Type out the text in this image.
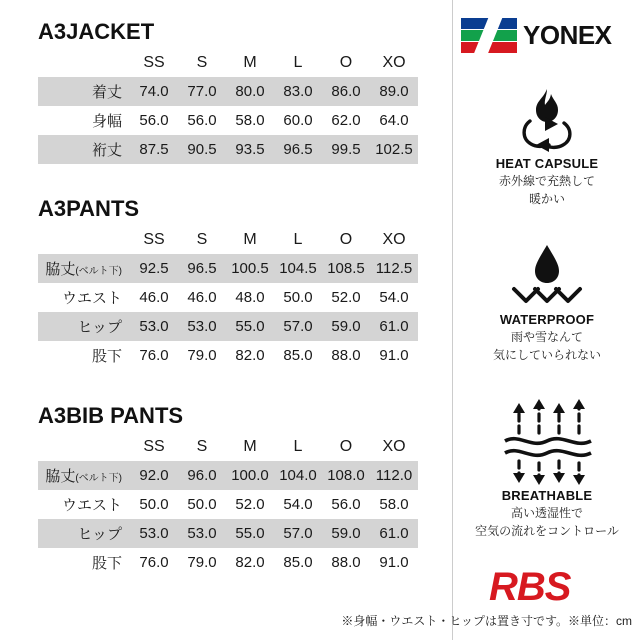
A3JACKET
	SS	S	M	L	O	XO
着丈	74.0	77.0	80.0	83.0	86.0	89.0
身幅	56.0	56.0	58.0	60.0	62.0	64.0
裄丈	87.5	90.5	93.5	96.5	99.5	102.5
A3PANTS
	SS	S	M	L	O	XO
脇丈(ベルト下)	92.5	96.5	100.5	104.5	108.5	112.5
ウエスト	46.0	46.0	48.0	50.0	52.0	54.0
ヒップ	53.0	53.0	55.0	57.0	59.0	61.0
股下	76.0	79.0	82.0	85.0	88.0	91.0
A3BIB PANTS
	SS	S	M	L	O	XO
脇丈(ベルト下)	92.0	96.0	100.0	104.0	108.0	112.0
ウエスト	50.0	50.0	52.0	54.0	56.0	58.0
ヒップ	53.0	53.0	55.0	57.0	59.0	61.0
股下	76.0	79.0	82.0	85.0	88.0	91.0
YONEX
HEAT CAPSULE
赤外線で充熱して
暖かい
WATERPROOF
雨や雪なんて
気にしていられない
BREATHABLE
高い透湿性で
空気の流れをコントロール
RBS
※身幅・ウエスト・ヒップは置き寸です。※単位：cm
